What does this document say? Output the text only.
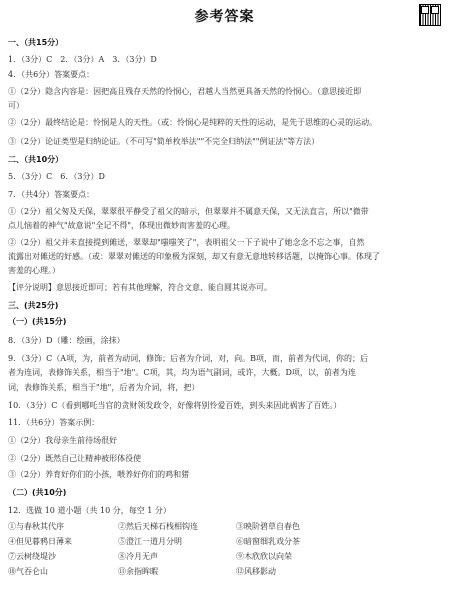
参考答案
一、（共15分）
1．（3分）C　2．（3分）A　3．（3分）D
4．（共6分）答案要点：
①（2分）隐含内容是：因把高且残存天然的怜悯心，君越人当然更具备天然的怜悯心。（意思接近即
可）
②（2分）最终结论是：怜悯是人的天性。（或：怜悯心是纯粹的天性的运动，是先于思维的心灵的运动。
③（2分）论证类型是归纳论证。（不可写"简单枚举法""不完全归纳法""例证法"等方法）
二、（共10分）
5．（3分）C　6．（3分）D
7．（共4分）答案要点：
①（2分）祖父匆及天保，翠翠很平静受了祖父的暗示，但翠翠并不属意天保，又无法直言，所以"微带
点儿恼着的神气"故意说"全记不得"，体现出微妙而害羞的心理。
②（2分）祖父并未直接提到傩送，翠翠却"嗤嗤笑了"，表明祖父一下子说中了她念念不忘之事，自然
流露出对傩送的好感。（或：翠翠对傩送的印象极为深刻，却又有意无意地转移话题，以掩饰心事。体现了
害羞的心理。）
【评分说明】意思接近即可；若有其他理解，符合文意、能自圆其说亦可。
三、(共25分)
（一）(共15分)
8．（3分）D（雕：绘画，涂抹）
9．（3分）C（A项，为，前者为动词，修饰；后者为介词，对，向。B项，而，前者为代词，你的；后
者为连词，表修饰关系，相当于"地"。C项，其，均为语气副词，或许，大概。D项，以，前者为连
词，表修饰关系，相当于"地"，后者为介词，将，把）
10．（3分）C（看到哪吒当官的贪财领发政令，好像将别怜爱百姓，到头来因此祸害了百姓。）
11．（共6分）答案示例：
①（2分）我母亲生前待场很好
②（2分）既然自己让精神被形体役使
③（2分）养育好你们的小孩，喂养好你们的鸡和猪
（二）(共10分)
12．选做 10 道小题（共 10 分，每空 1 分）
①与春秋其代序	②然后天梯石栈相钩连	③映阶碧草自春色
④但见暮鸦日薄来	⑤澄江一道月分明	⑥暗窗细乳戏分茶
⑦云树绕堤沙	⑧冷月无声	⑨木欣欣以向荣
⑩气吞仑山	⑪余指眸暇	⑫风移影动
